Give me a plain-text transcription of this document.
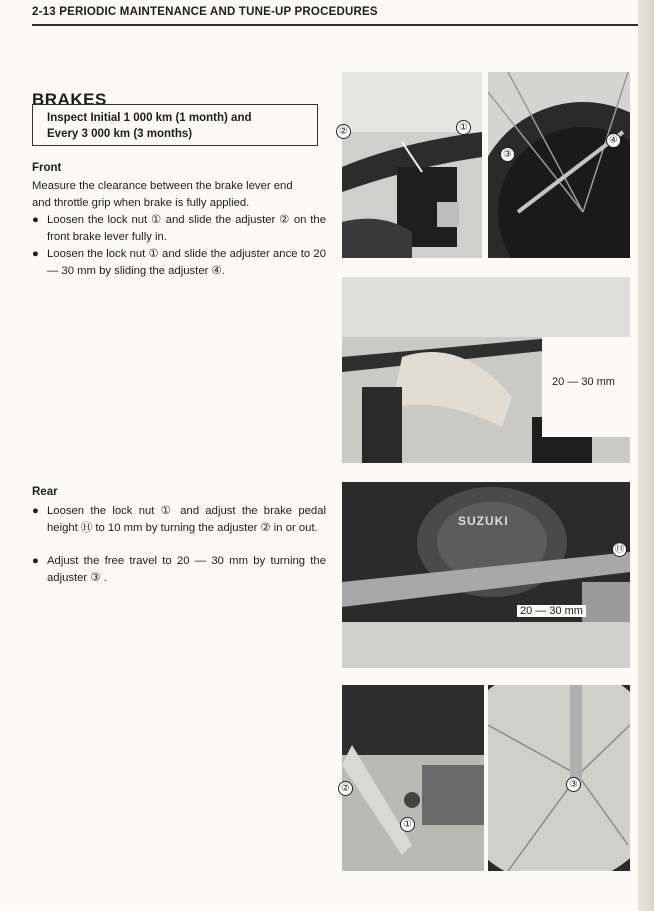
2-13 PERIODIC MAINTENANCE AND TUNE-UP PROCEDURES
BRAKES
Inspect Initial 1 000 km (1 month) and
Every 3 000 km (3 months)
Front
Measure the clearance between the brake lever end
and throttle grip when brake is fully applied.
● Loosen the lock nut ① and slide the adjuster ② on the front brake lever fully in.
● Loosen the lock nut ① and slide the adjuster ance to 20 — 30 mm by sliding the adjuster ④.
Rear
● Loosen the lock nut ① and adjust the brake pedal height Ⓗ to 10 mm by turning the adjuster ② in or out.
● Adjust the free travel to 20 — 30 mm by turning the adjuster ③ .
②	①
③
④
20 — 30 mm
SUZUKI
Ⓗ
20 — 30 mm
②
①
③
